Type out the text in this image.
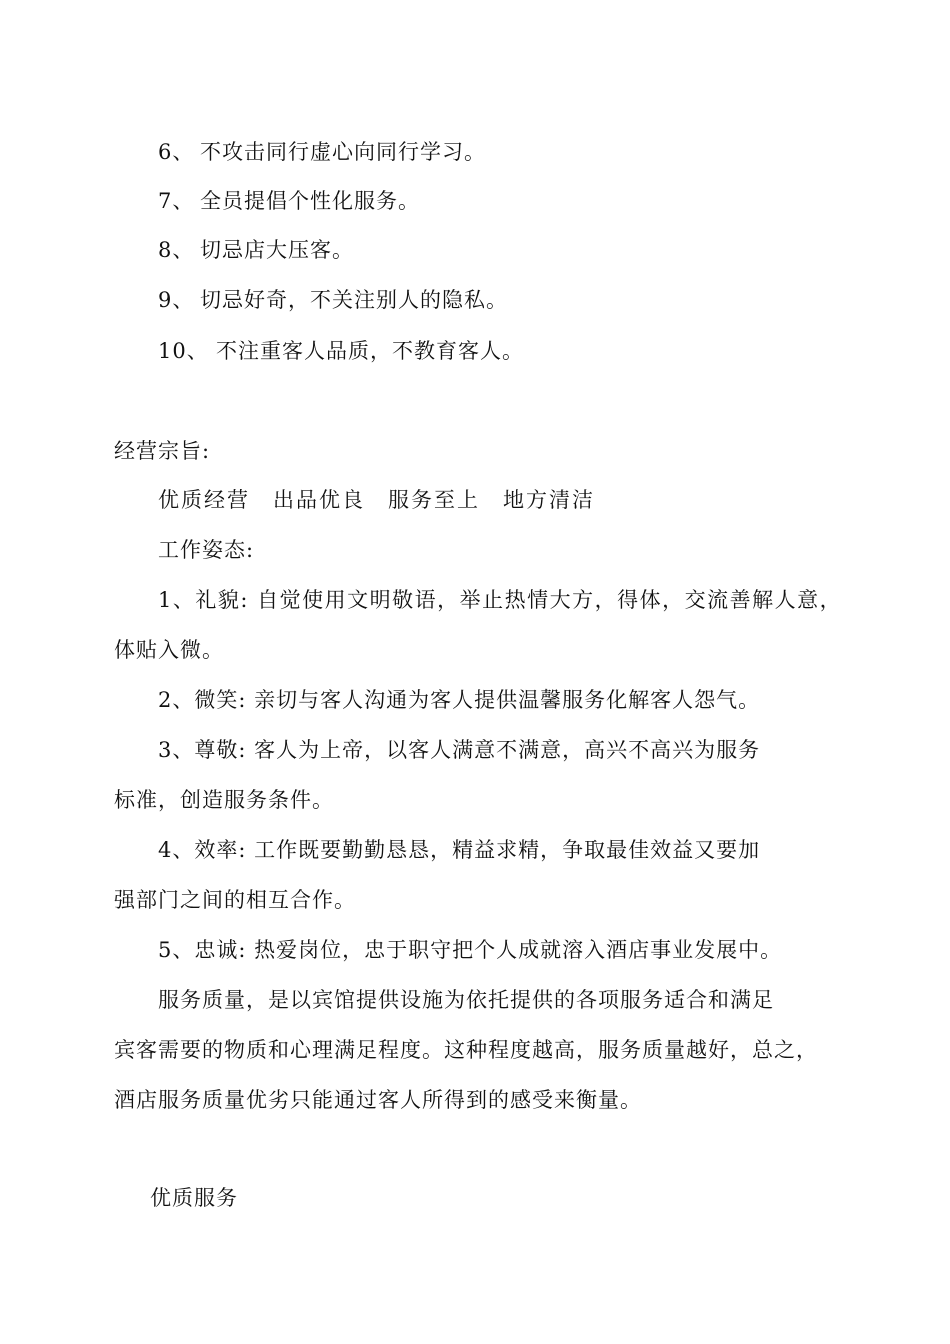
6、 不攻击同行虚心向同行学习。
7、 全员提倡个性化服务。
8、 切忌店大压客。
9、 切忌好奇，不关注别人的隐私。
10、 不注重客人品质，不教育客人。
经营宗旨:
优质经营　出品优良　服务至上　地方清洁
工作姿态:
1、礼貌: 自觉使用文明敬语，举止热情大方，得体，交流善解人意，
体贴入微。
2、微笑: 亲切与客人沟通为客人提供温馨服务化解客人怨气。
3、尊敬: 客人为上帝，以客人满意不满意，高兴不高兴为服务
标准，创造服务条件。
4、效率: 工作既要勤勤恳恳，精益求精，争取最佳效益又要加
强部门之间的相互合作。
5、忠诚: 热爱岗位，忠于职守把个人成就溶入酒店事业发展中。
服务质量，是以宾馆提供设施为依托提供的各项服务适合和满足
宾客需要的物质和心理满足程度。这种程度越高，服务质量越好，总之，
酒店服务质量优劣只能通过客人所得到的感受来衡量。
优质服务
